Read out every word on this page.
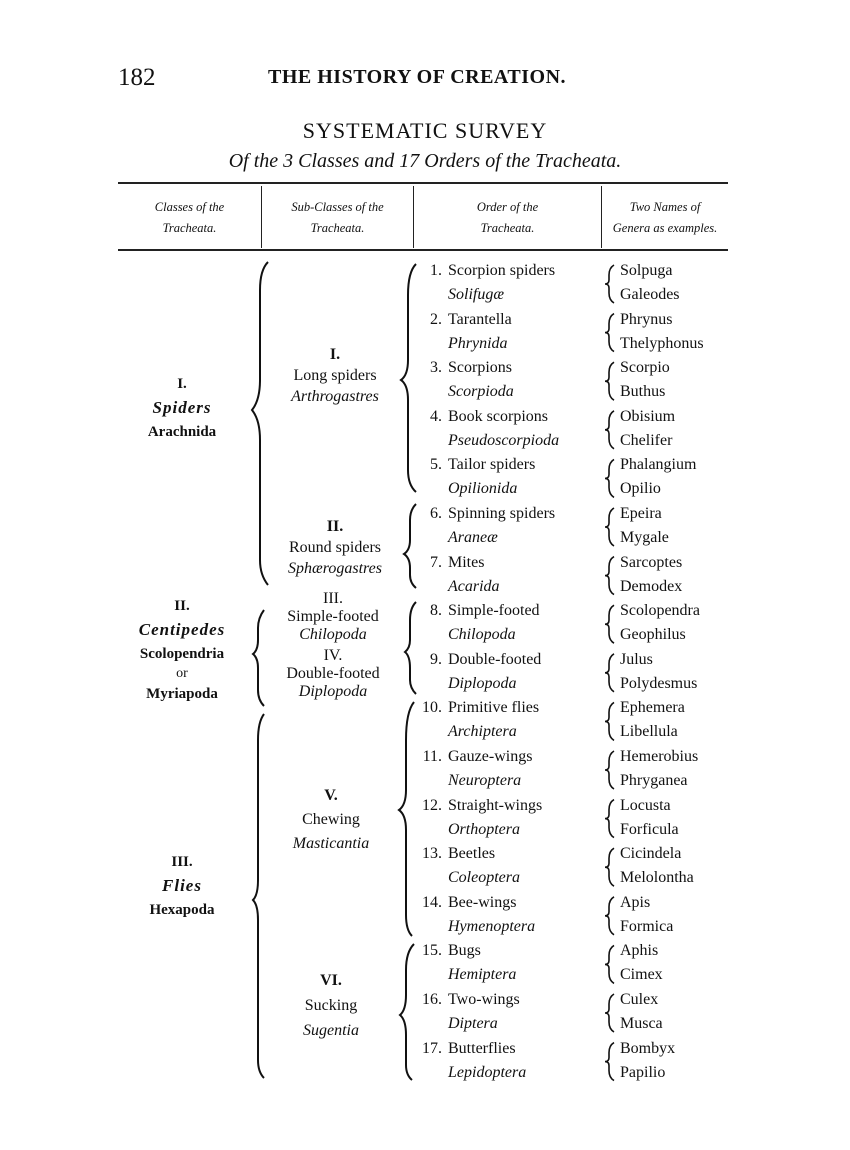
182	THE HISTORY OF CREATION.
SYSTEMATIC SURVEY
Of the 3 Classes and 17 Orders of the Tracheata.
Classes of the
Tracheata.
Sub-Classes of the
Tracheata.
Order of the
Tracheata.
Two Names of
Genera as examples.
I.
Spiders
Arachnida
II.
Centipedes
Scolopendria
or
Myriapoda
III.
Flies
Hexapoda
I.
Long spiders
Arthrogastres
II.
Round spiders
Sphærogastres
III.
Simple-footed
Chilopoda
IV.
Double-footed
Diplopoda
V.
Chewing
Masticantia
VI.
Sucking
Sugentia
1. Scorpion spiders
Solifugæ
Solpuga
Galeodes
2. Tarantella
Phrynida
Phrynus
Thelyphonus
3. Scorpions
Scorpioda
Scorpio
Buthus
4. Book scorpions
Pseudoscorpioda
Obisium
Chelifer
5. Tailor spiders
Opilionida
Phalangium
Opilio
6. Spinning spiders
Araneæ
Epeira
Mygale
7. Mites
Acarida
Sarcoptes
Demodex
8. Simple-footed
Chilopoda
Scolopendra
Geophilus
9. Double-footed
Diplopoda
Julus
Polydesmus
10. Primitive flies
Archiptera
Ephemera
Libellula
11. Gauze-wings
Neuroptera
Hemerobius
Phryganea
12. Straight-wings
Orthoptera
Locusta
Forficula
13. Beetles
Coleoptera
Cicindela
Melolontha
14. Bee-wings
Hymenoptera
Apis
Formica
15. Bugs
Hemiptera
Aphis
Cimex
16. Two-wings
Diptera
Culex
Musca
17. Butterflies
Lepidoptera
Bombyx
Papilio
